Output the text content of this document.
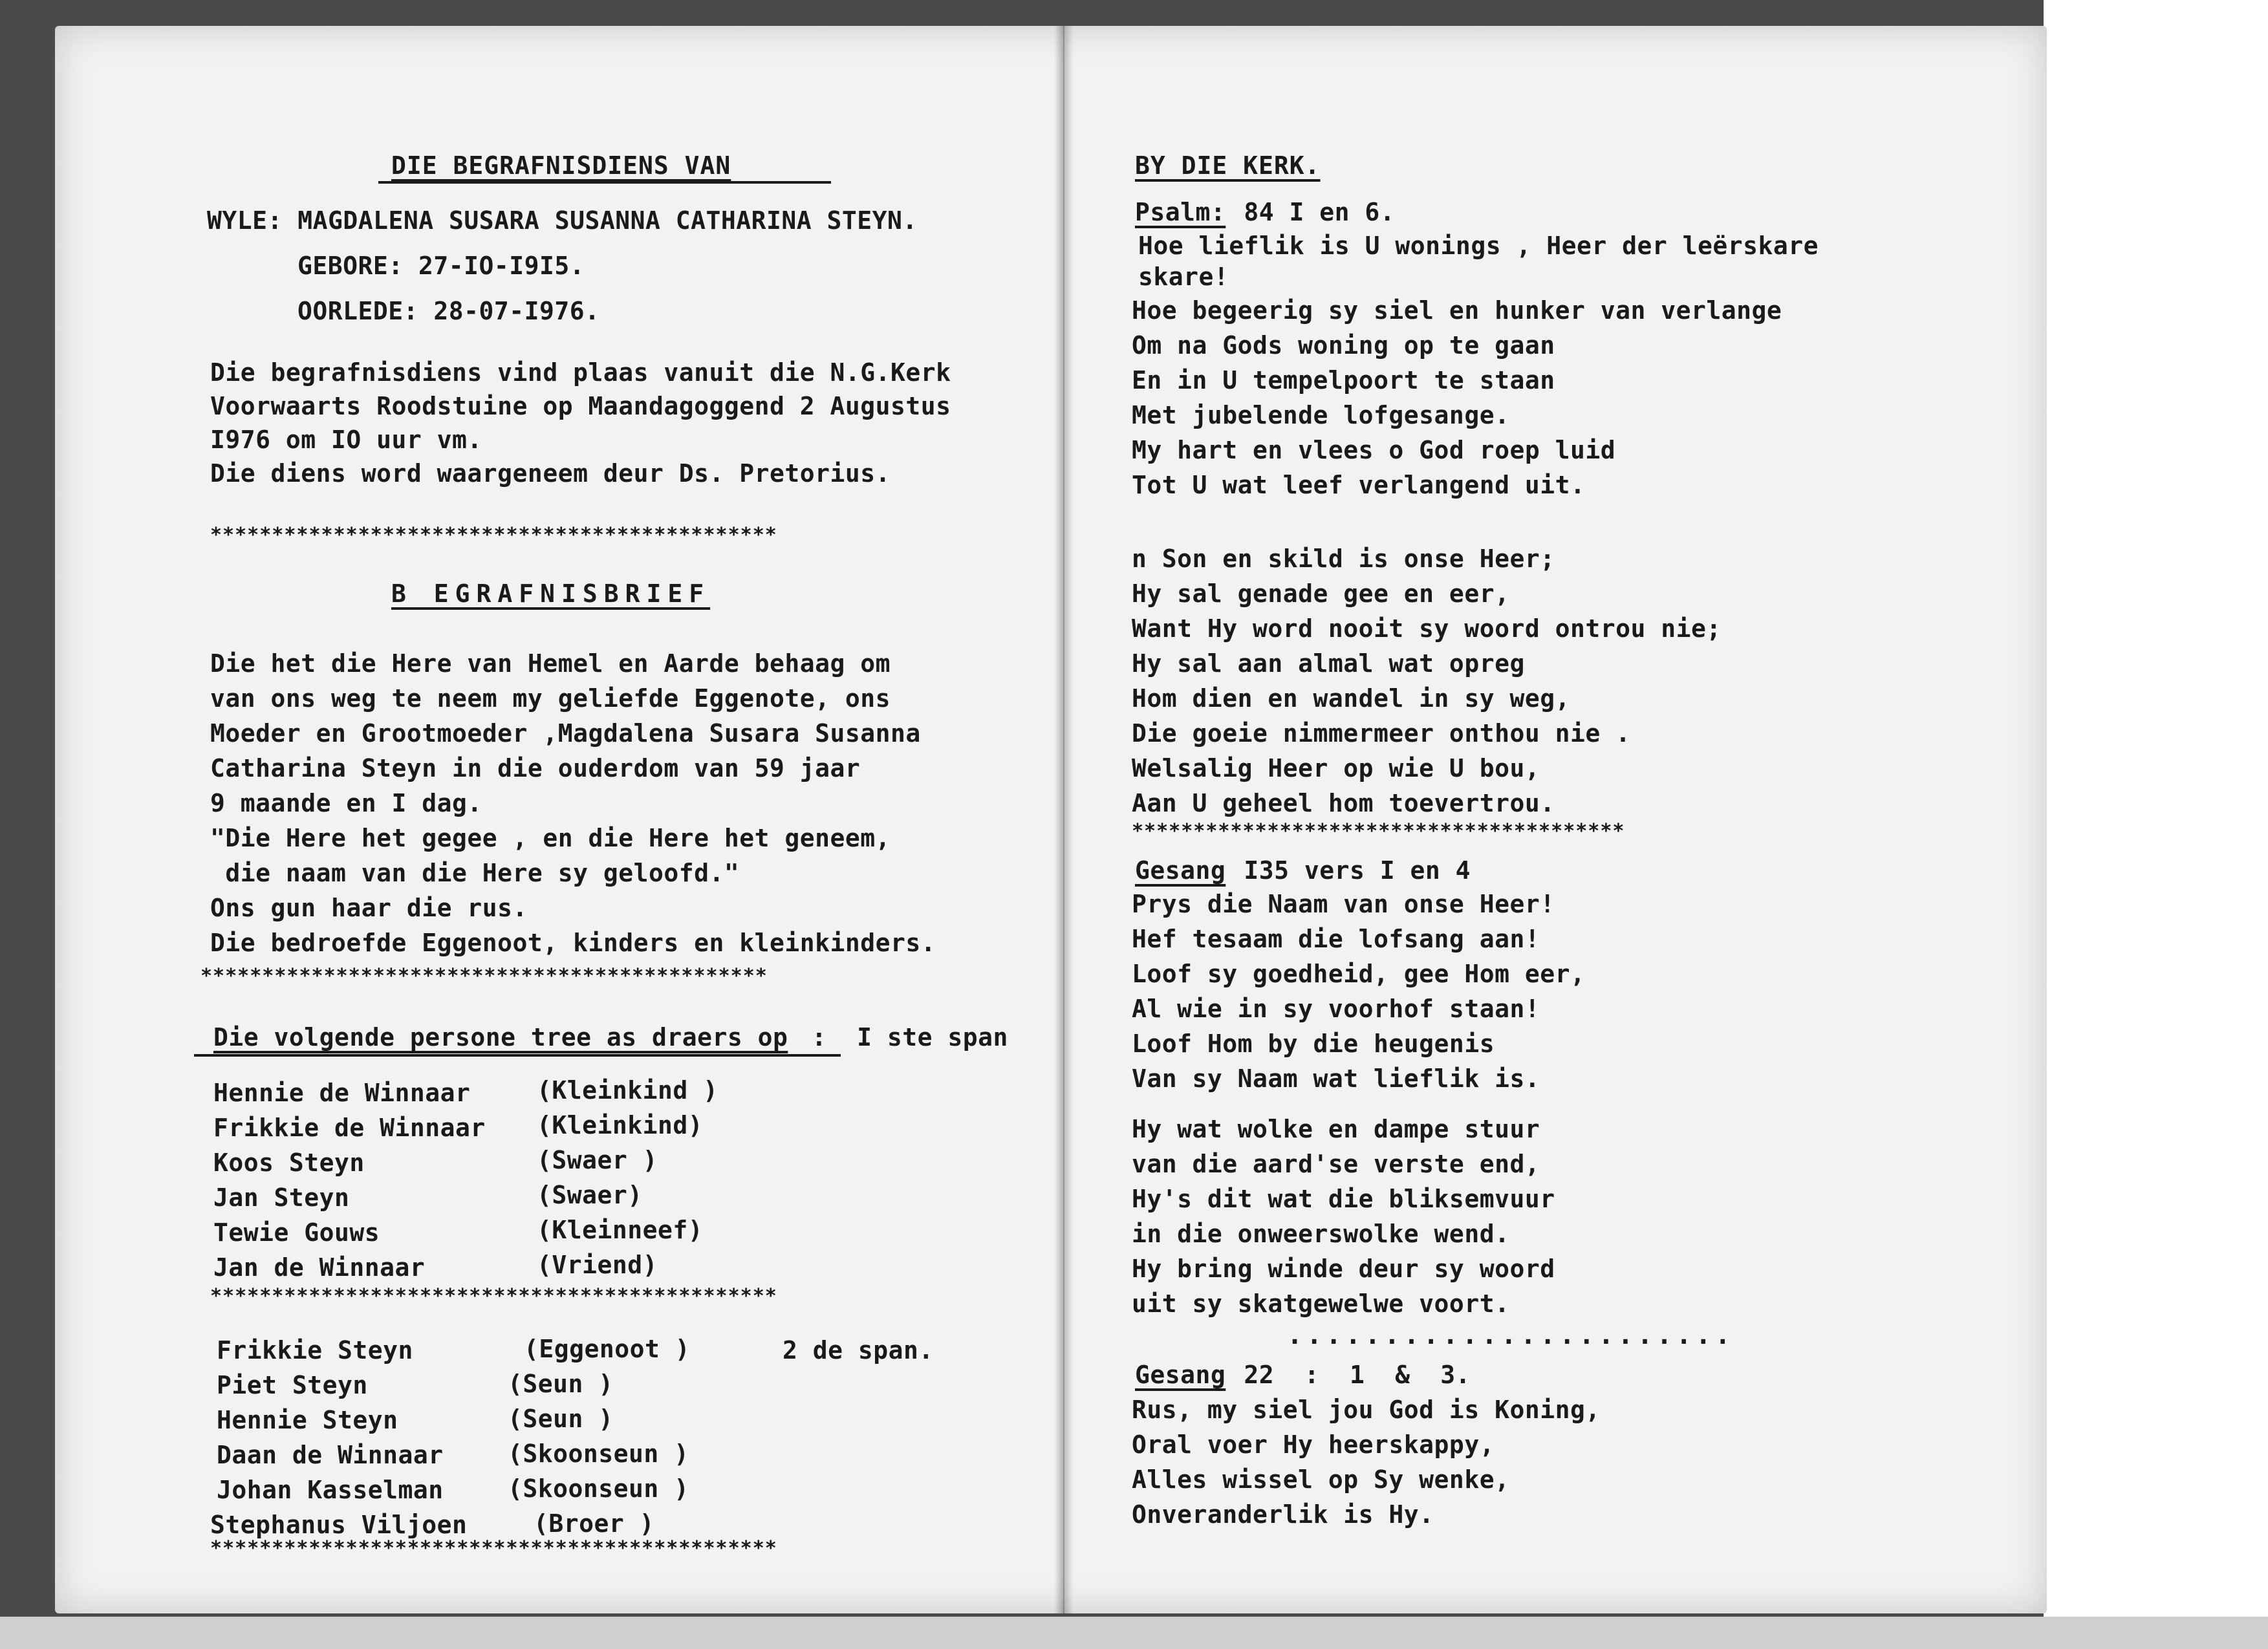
DIE BEGRAFNISDIENS VAN
WYLE: MAGDALENA SUSARA SUSANNA CATHARINA STEYN.
GEBORE: 27-IO-I9I5.
OORLEDE: 28-07-I976.
Die begrafnisdiens vind plaas vanuit die N.G.Kerk
Voorwaarts Roodstuine op Maandagoggend 2 Augustus
I976 om IO uur vm.
Die diens word waargeneem deur Ds. Pretorius.
**********************************************
B EGRAFNISBRIEF
Die het die Here van Hemel en Aarde behaag om
van ons weg te neem my geliefde Eggenote, ons
Moeder en Grootmoeder ,Magdalena Susara Susanna
Catharina Steyn in die ouderdom van 59 jaar
9 maande en I dag.
"Die Here het gegee , en die Here het geneem,
die naam van die Here sy geloofd."
Ons gun haar die rus.
Die bedroefde Eggenoot, kinders en kleinkinders.
**********************************************
Die volgende persone tree as draers op :  I ste span
Hennie de Winnaar	(Kleinkind )
Frikkie de Winnaar (Kleinkind)
Koos Steyn	(Swaer )
Jan Steyn	(Swaer)
Tewie Gouws	(Kleinneef)
Jan de Winnaar	(Vriend)
**********************************************
2 de span.
Frikkie Steyn	(Eggenoot )
Piet Steyn	(Seun )
Hennie Steyn	(Seun )
Daan de Winnaar	(Skoonseun )
Johan Kasselman	(Skoonseun )
Stephanus Viljoen	(Broer )
**********************************************
BY DIE KERK.
Psalm: 84 I en 6.
Hoe lieflik is U wonings , Heer der leërskare
skare!
Hoe begeerig sy siel en hunker van verlange
Om na Gods woning op te gaan
En in U tempelpoort te staan
Met jubelende lofgesange.
My hart en vlees o God roep luid
Tot U wat leef verlangend uit.
n Son en skild is onse Heer;
Hy sal genade gee en eer,
Want Hy word nooit sy woord ontrou nie;
Hy sal aan almal wat opreg
Hom dien en wandel in sy weg,
Die goeie nimmermeer onthou nie .
Welsalig Heer op wie U bou,
Aan U geheel hom toevertrou.
****************************************
Gesang I35 vers I en 4
Prys die Naam van onse Heer!
Hef tesaam die lofsang aan!
Loof sy goedheid, gee Hom eer,
Al wie in sy voorhof staan!
Loof Hom by die heugenis
Van sy Naam wat lieflik is.
Hy wat wolke en dampe stuur
van die aard'se verste end,
Hy's dit wat die bliksemvuur
in die onweerswolke wend.
Hy bring winde deur sy woord
uit sy skatgewelwe voort.
.......................
Gesang 22  :  1  &  3.
Rus, my siel jou God is Koning,
Oral voer Hy heerskappy,
Alles wissel op Sy wenke,
Onveranderlik is Hy.
